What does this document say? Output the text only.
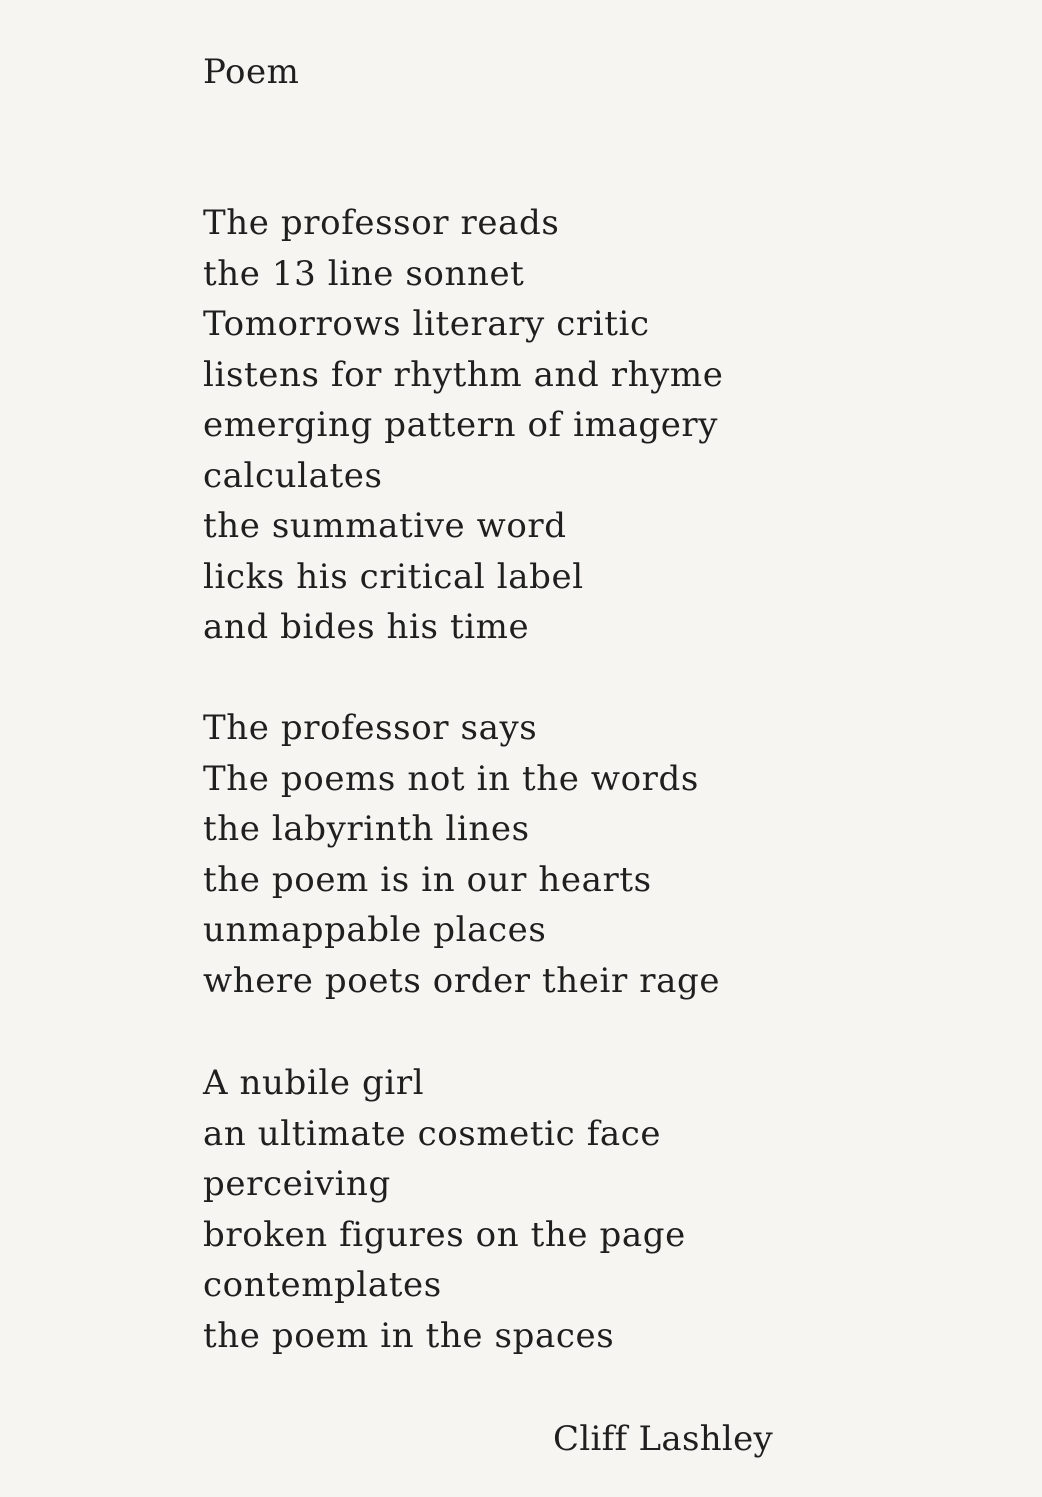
Poem
The professor reads
the 13 line sonnet
Tomorrows literary critic
listens for rhythm and rhyme
emerging pattern of imagery
calculates
the summative word
licks his critical label
and bides his time
The professor says
The poems not in the words
the labyrinth lines
the poem is in our hearts
unmappable places
where poets order their rage
A nubile girl
an ultimate cosmetic face
perceiving
broken figures on the page
contemplates
the poem in the spaces
Cliff Lashley
